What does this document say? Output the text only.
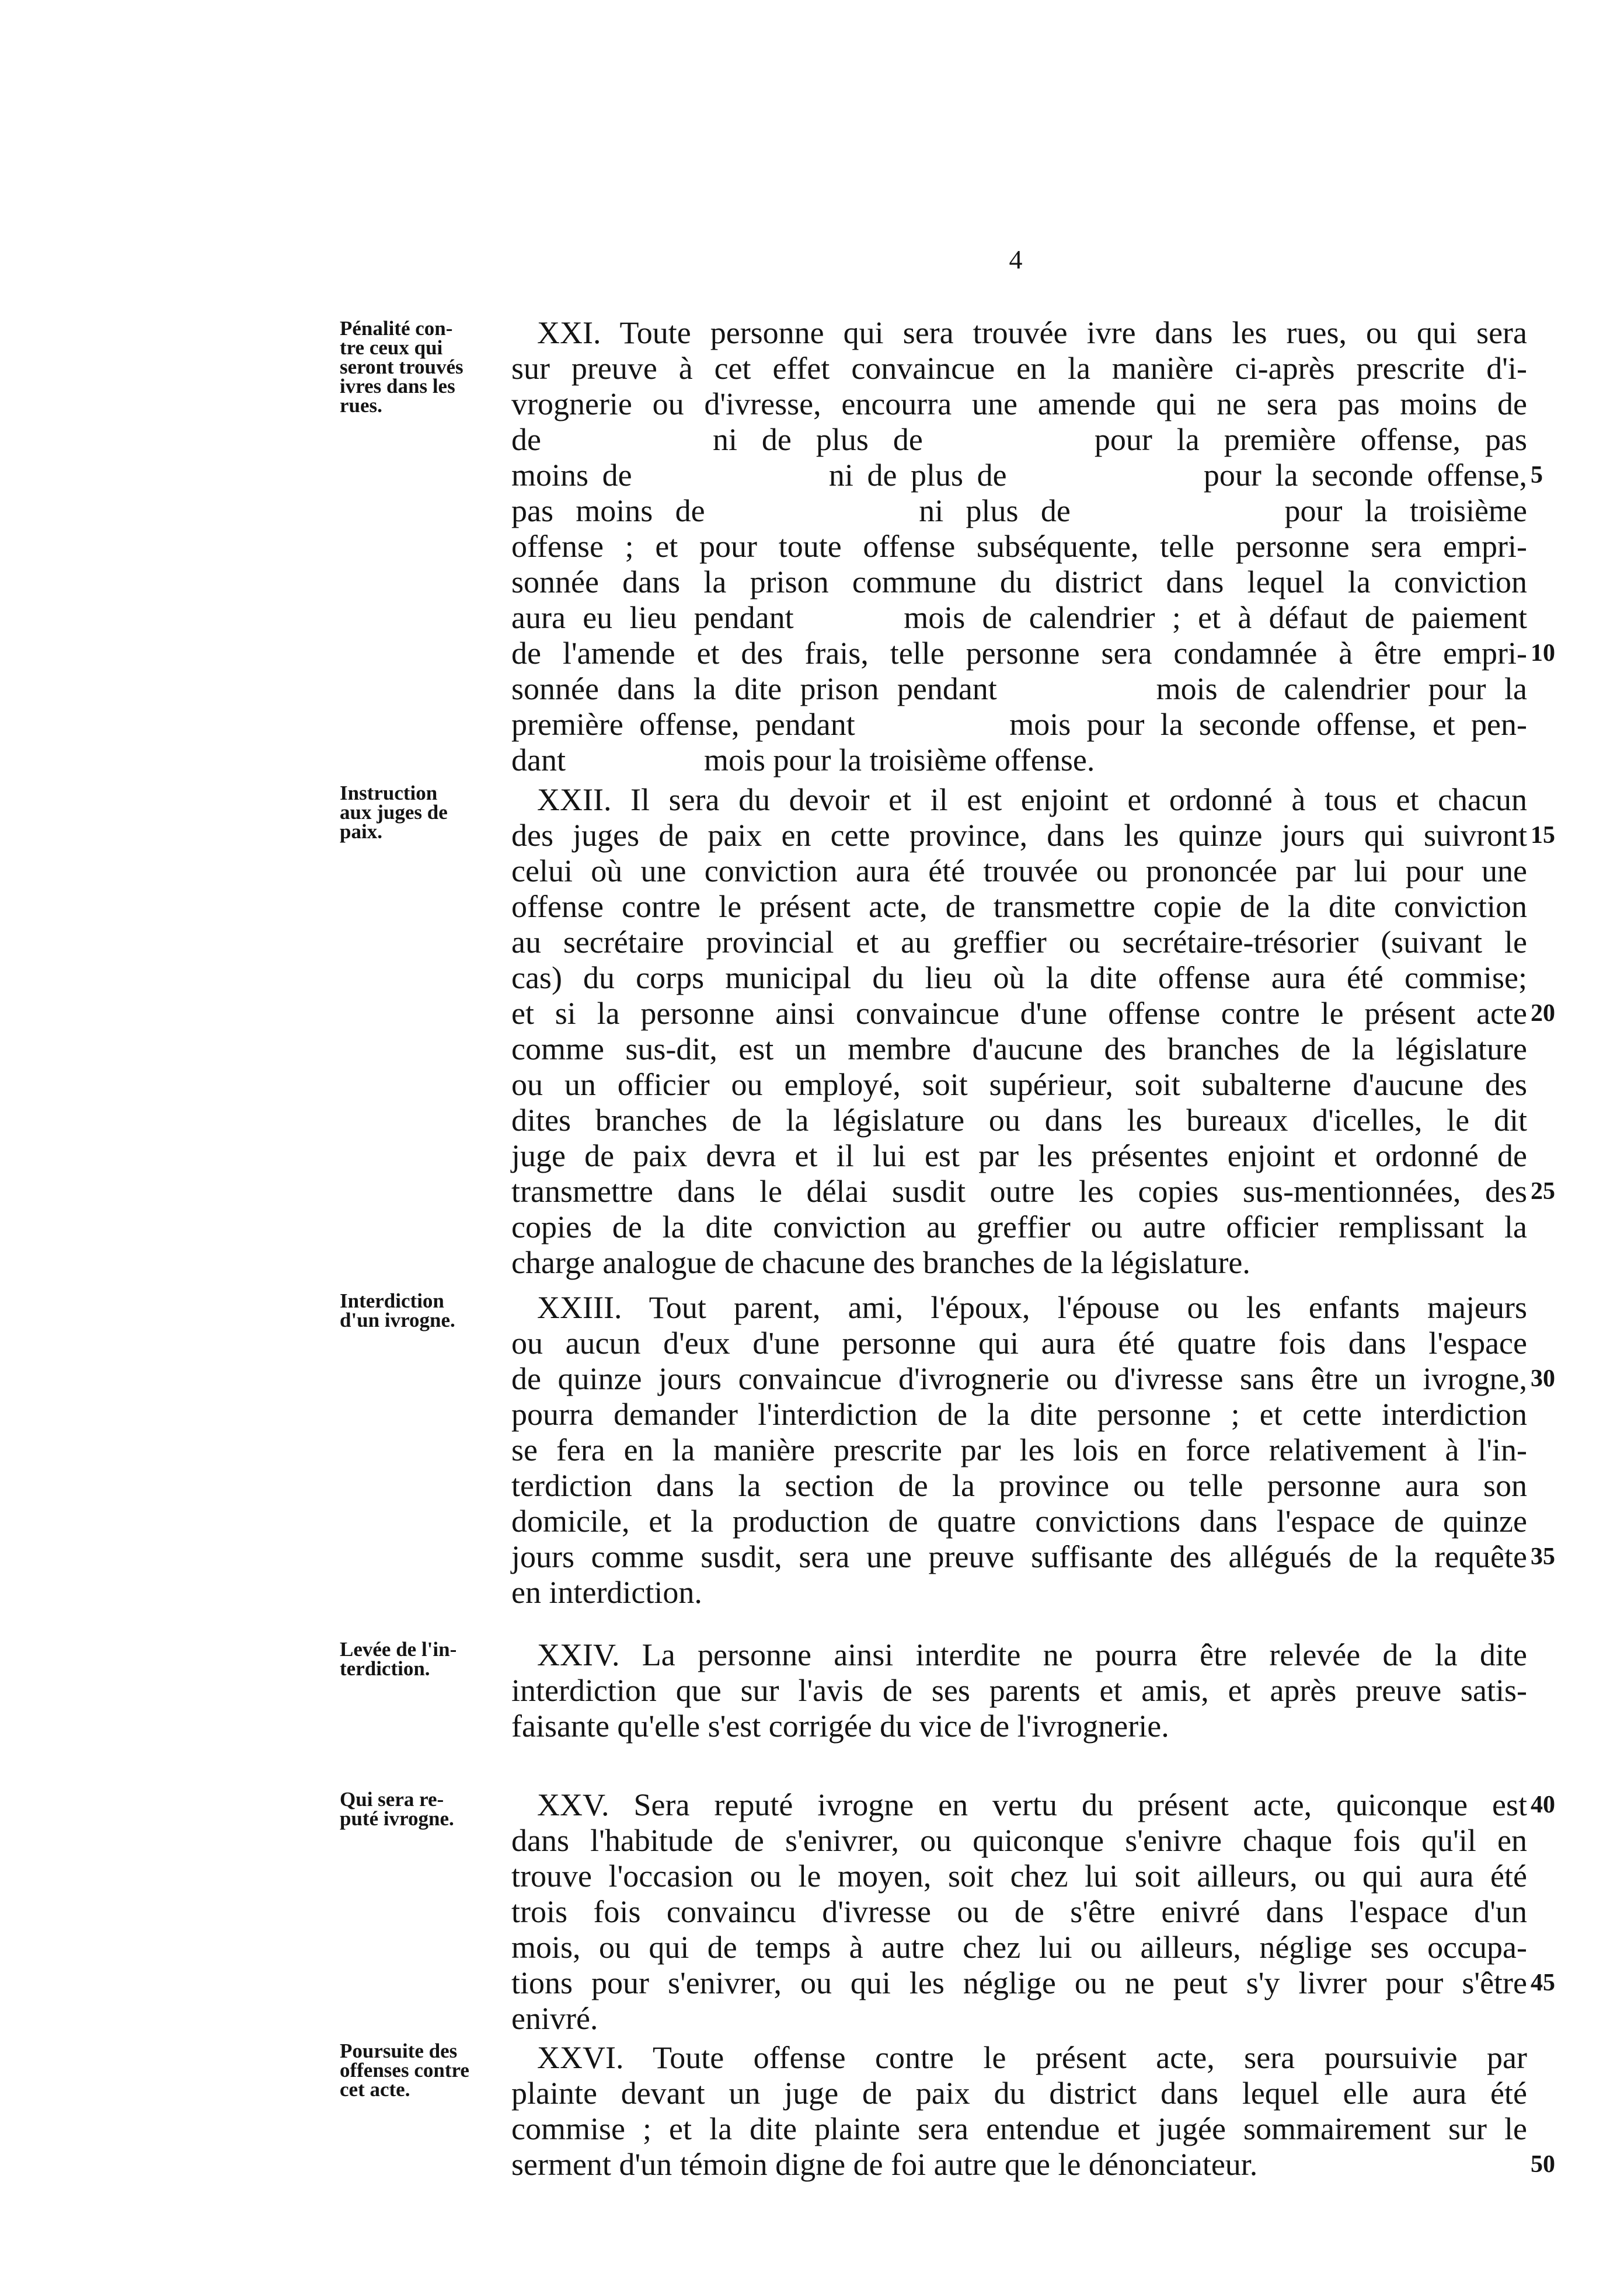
4
Pénalité con-
tre ceux qui
seront trouvés
ivres dans les
rues.
XXI. Toute personne qui sera trouvée ivre dans les rues, ou qui sera
sur preuve à cet effet convaincue en la manière ci-après prescrite d'i-
vrognerie ou d'ivresse, encourra une amende qui ne sera pas moins de
de	ni de plus de	pour la première offense, pas
moins de	ni de plus de	pour la seconde offense,
pas moins de	ni plus de	pour la troisième
offense ; et pour toute offense subséquente, telle personne sera empri-
sonnée dans la prison commune du district dans lequel la conviction
aura eu lieu pendant	mois de calendrier ; et à défaut de paiement
de l'amende et des frais, telle personne sera condamnée à être empri-
sonnée dans la dite prison pendant	mois de calendrier pour la
première offense, pendant	mois pour la seconde offense, et pen-
dant	mois pour la troisième offense.
5
10
Instruction
aux juges de
paix.
XXII. Il sera du devoir et il est enjoint et ordonné à tous et chacun
des juges de paix en cette province, dans les quinze jours qui suivront
celui où une conviction aura été trouvée ou prononcée par lui pour une
offense contre le présent acte, de transmettre copie de la dite conviction
au secrétaire provincial et au greffier ou secrétaire-trésorier (suivant le
cas) du corps municipal du lieu où la dite offense aura été commise;
et si la personne ainsi convaincue d'une offense contre le présent acte
comme sus-dit, est un membre d'aucune des branches de la législature
ou un officier ou employé, soit supérieur, soit subalterne d'aucune des
dites branches de la législature ou dans les bureaux d'icelles, le dit
juge de paix devra et il lui est par les présentes enjoint et ordonné de
transmettre dans le délai susdit outre les copies sus-mentionnées, des
copies de la dite conviction au greffier ou autre officier remplissant la
charge analogue de chacune des branches de la législature.
15
20
25
Interdiction
d'un ivrogne.	XXIII. Tout parent, ami, l'époux, l'épouse ou les enfants majeurs
ou aucun d'eux d'une personne qui aura été quatre fois dans l'espace
de quinze jours convaincue d'ivrognerie ou d'ivresse sans être un ivrogne,
pourra demander l'interdiction de la dite personne ; et cette interdiction
se fera en la manière prescrite par les lois en force relativement à l'in-
terdiction dans la section de la province ou telle personne aura son
domicile, et la production de quatre convictions dans l'espace de quinze
jours comme susdit, sera une preuve suffisante des allégués de la requête
en interdiction.
30
35
Levée de l'in-
terdiction.	XXIV. La personne ainsi interdite ne pourra être relevée de la dite
interdiction que sur l'avis de ses parents et amis, et après preuve satis-
faisante qu'elle s'est corrigée du vice de l'ivrognerie.
Qui sera re-
puté ivrogne.	XXV. Sera reputé ivrogne en vertu du présent acte, quiconque est
dans l'habitude de s'enivrer, ou quiconque s'enivre chaque fois qu'il en
trouve l'occasion ou le moyen, soit chez lui soit ailleurs, ou qui aura été
trois fois convaincu d'ivresse ou de s'être enivré dans l'espace d'un
mois, ou qui de temps à autre chez lui ou ailleurs, néglige ses occupa-
tions pour s'enivrer, ou qui les néglige ou ne peut s'y livrer pour s'être
enivré.
40
45
Poursuite des
offenses contre
cet acte.
XXVI. Toute offense contre le présent acte, sera poursuivie par
plainte devant un juge de paix du district dans lequel elle aura été
commise ; et la dite plainte sera entendue et jugée sommairement sur le
serment d'un témoin digne de foi autre que le dénonciateur.	50
